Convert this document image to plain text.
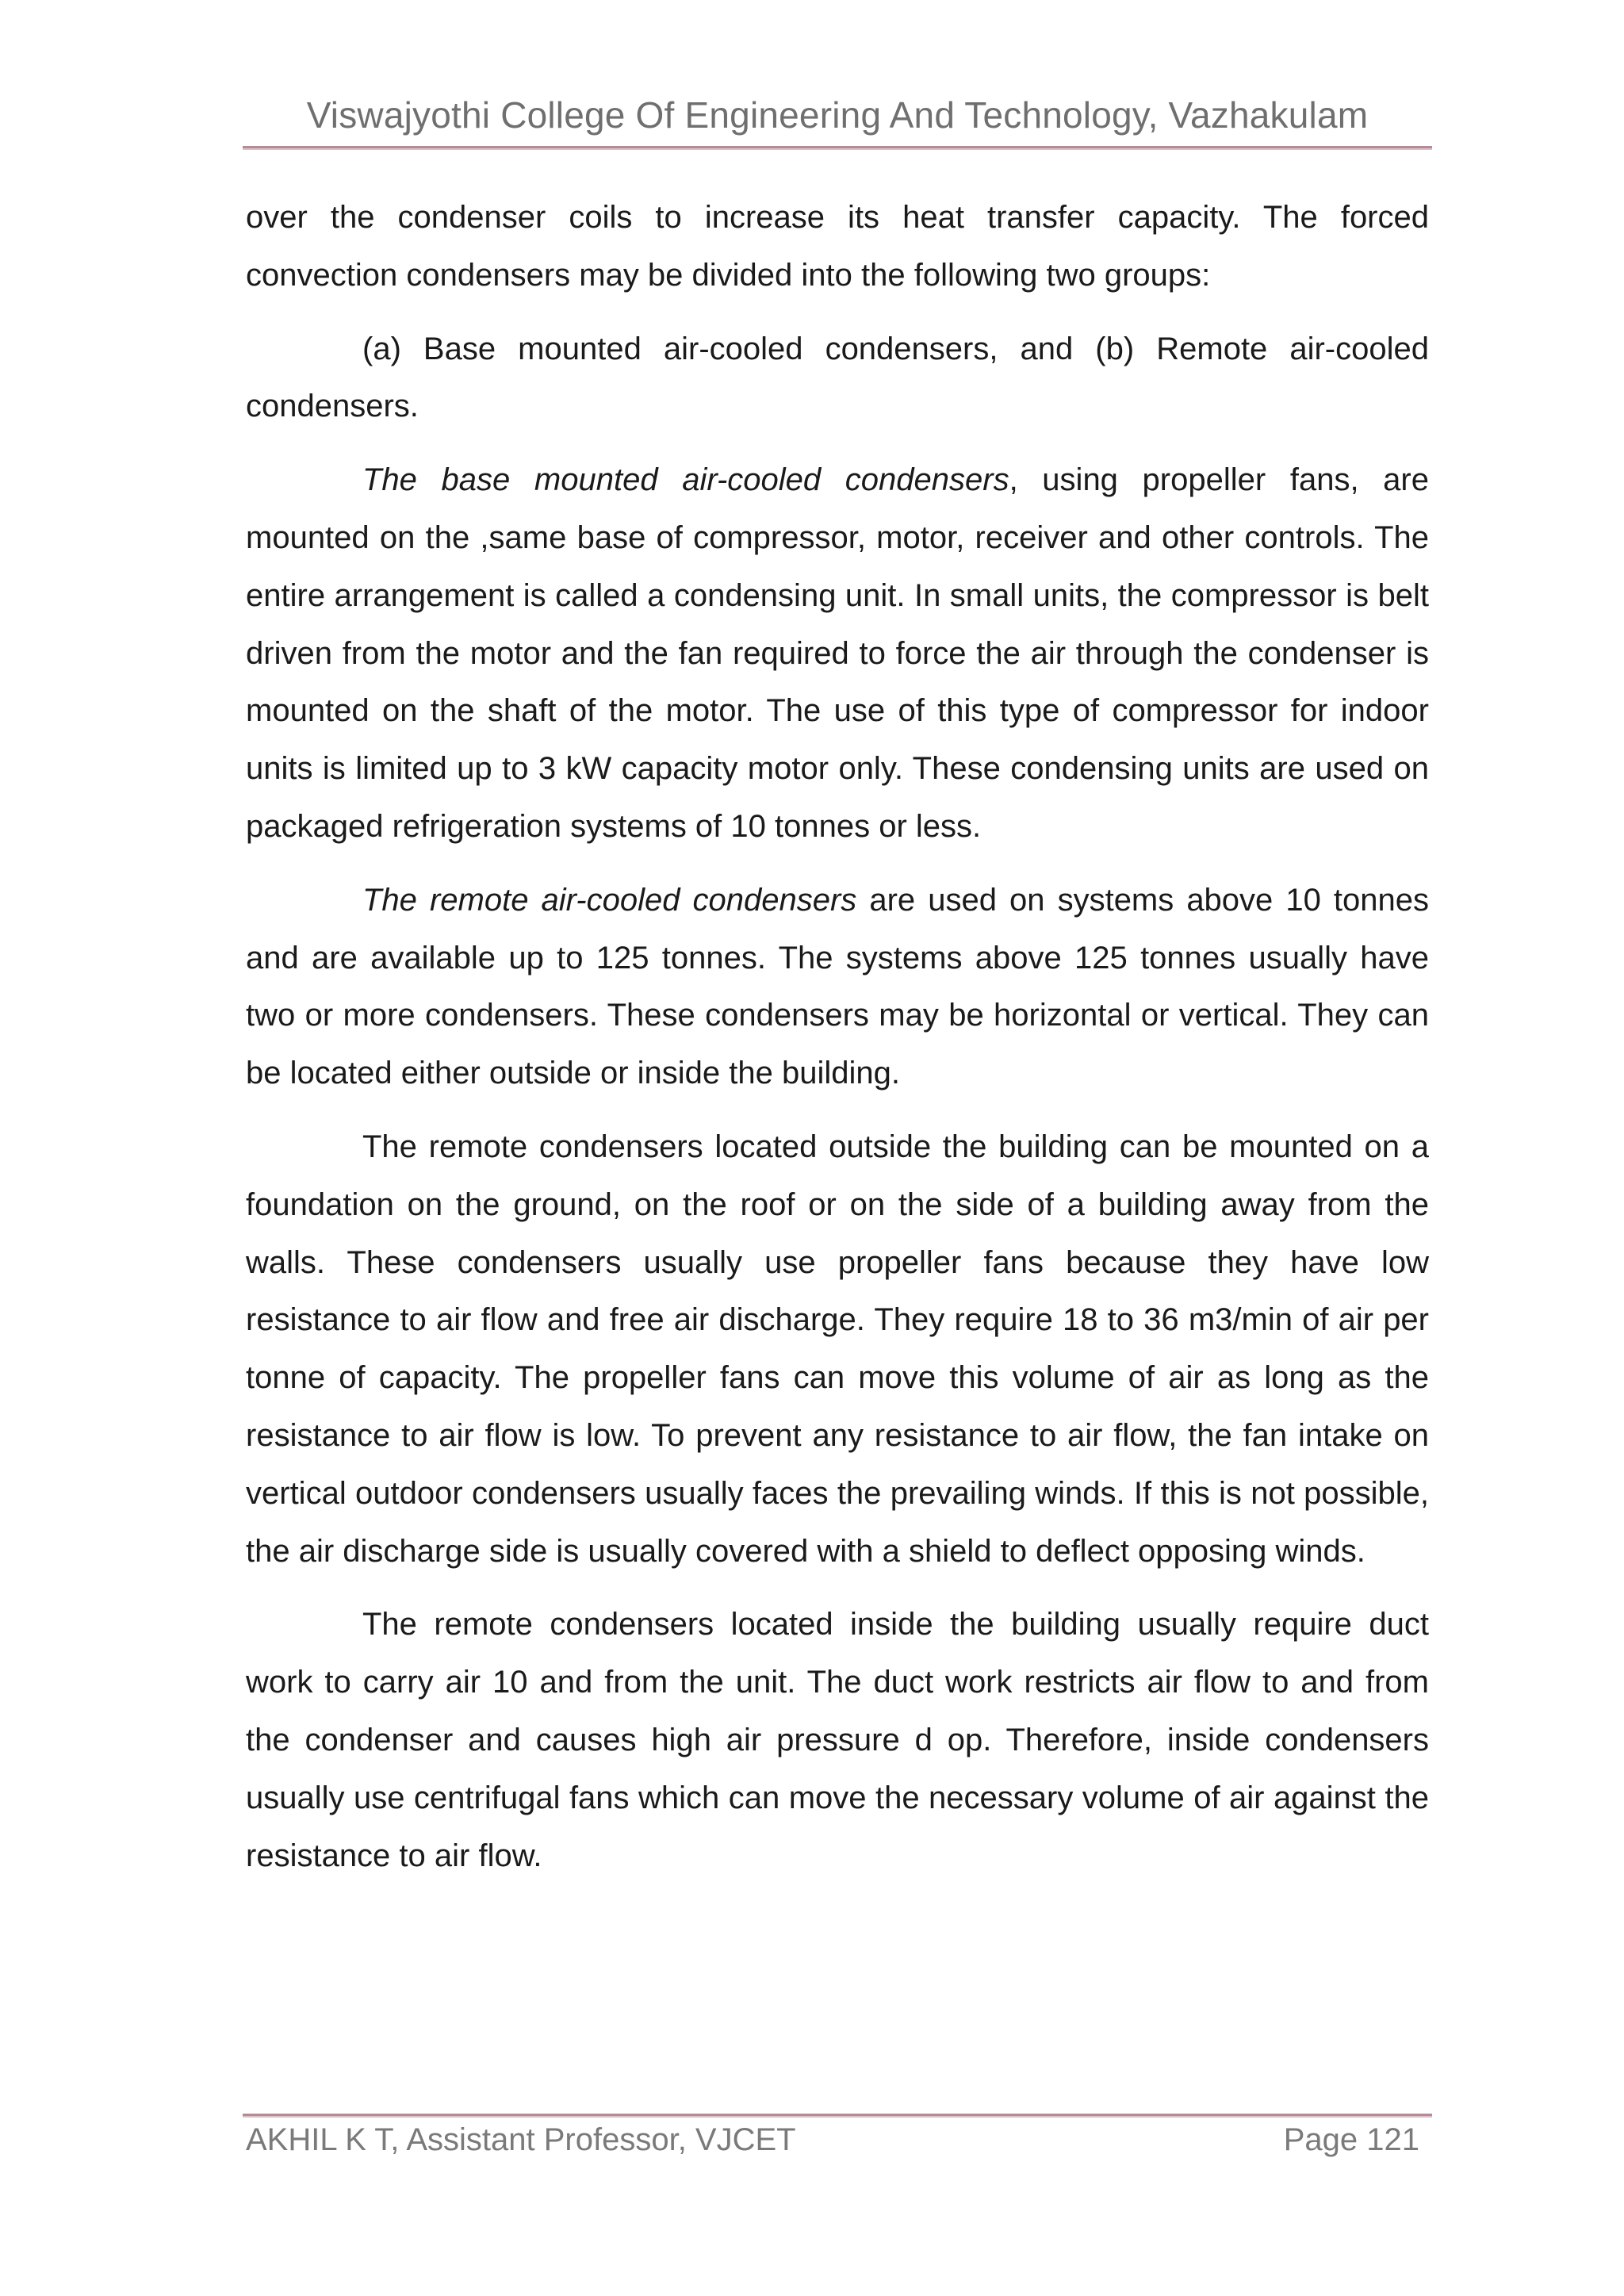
Viswajyothi College Of Engineering And Technology, Vazhakulam

over the condenser coils to increase its heat transfer capacity. The forced convection condensers may be divided into the following two groups:

(a) Base mounted air-cooled condensers, and (b) Remote air-cooled condensers.

The base mounted air-cooled condensers, using propeller fans, are mounted on the ,same base of compressor, motor, receiver and other controls. The entire arrangement is called a condensing unit. In small units, the compressor is belt driven from the motor and the fan required to force the air through the condenser is mounted on the shaft of the motor. The use of this type of compressor for indoor units is limited up to 3 kW capacity motor only. These condensing units are used on packaged refrigeration systems of 10 tonnes or less.

The remote air-cooled condensers are used on systems above 10 tonnes and are available up to 125 tonnes. The systems above 125 tonnes usually have two or more condensers. These condensers may be horizontal or vertical. They can be located either outside or inside the building.

The remote condensers located outside the building can be mounted on a foundation on the ground, on the roof or on the side of a building away from the walls. These condensers usually use propeller fans because they have low resistance to air flow and free air discharge. They require 18 to 36 m3/min of air per tonne of capacity. The propeller fans can move this volume of air as long as the resistance to air flow is low. To prevent any resistance to air flow, the fan intake on vertical outdoor condensers usually faces the prevailing winds. If this is not possible, the air discharge side is usually covered with a shield to deflect opposing winds.

The remote condensers located inside the building usually require duct work to carry air 10 and from the unit. The duct work restricts air flow to and from the condenser and causes high air pressure d op. Therefore, inside condensers usually use centrifugal fans which can move the necessary volume of air against the resistance to air flow.

AKHIL K T, Assistant Professor, VJCET	Page 121
